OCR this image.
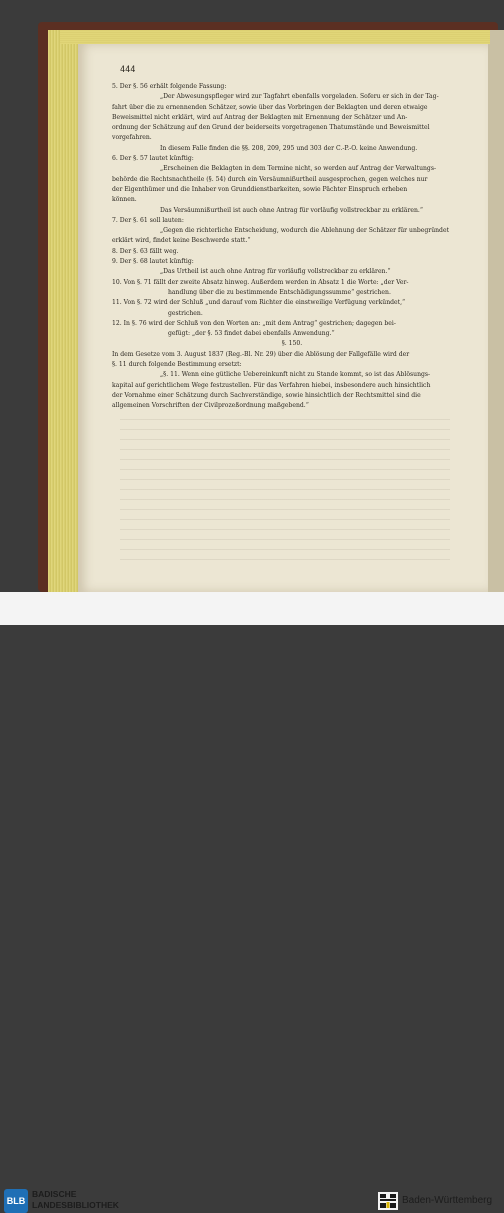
444

5. Der §. 56 erhält folgende Fassung:

„Der Abwesungspfleger wird zur Tagfahrt ebenfalls vorgeladen. Soferu er sich in der Tag-

fahrt über die zu ernennenden Schätzer, sowie über das Vorbringen der Beklagten und deren etwaige

Beweismittel nicht erklärt, wird auf Antrag der Beklagten mit Ernennung der Schätzer und An-

ordnung der Schätzung auf den Grund der beiderseits vorgetragenen Thatumstände und Beweismittel

vorgefahren.

In diesem Falle finden die §§. 208, 209, 295 und 303 der C.-P.-O. keine Anwendung.

6. Der §. 57 lautet künftig:

„Erscheinen die Beklagten in dem Termine nicht, so werden auf Antrag der Verwaltungs-

behörde die Rechtsnachtheile (§. 54) durch ein Versäumnißurtheil ausgesprochen, gegen welches nur

der Eigenthümer und die Inhaber von Grunddienstbarkeiten, sowie Pächter Einspruch erheben

können.

Das Versäumnißurtheil ist auch ohne Antrag für vorläufig vollstreckbar zu erklären.“

7. Der §. 61 soll lauten:

„Gegen die richterliche Entscheidung, wodurch die Ablehnung der Schätzer für unbegründet

erklärt wird, findet keine Beschwerde statt.“

8. Der §. 63 fällt weg.

9. Der §. 68 lautet künftig:

„Das Urtheil ist auch ohne Antrag für vorläufig vollstreckbar zu erklären.“

10. Von §. 71 fällt der zweite Absatz hinweg. Außerdem werden in Absatz 1 die Worte: „der Ver-

handlung über die zu bestimmende Entschädigungssumme“ gestrichen.

11. Von §. 72 wird der Schluß „und darauf vom Richter die einstweilige Verfügung verkündet,“

gestrichen.

12. In §. 76 wird der Schluß von den Worten an: „mit dem Antrag“ gestrichen; dagegen bei-

gefügt: „der §. 53 findet dabei ebenfalls Anwendung.“

§. 150.

In dem Gesetze vom 3. August 1837 (Reg.-Bl. Nr. 29) über die Ablösung der Fallgefälle wird der

§. 11 durch folgende Bestimmung ersetzt:

„§. 11. Wenn eine gütliche Uebereinkunft nicht zu Stande kommt, so ist das Ablösungs-

kapital auf gerichtlichem Wege festzustellen. Für das Verfahren hiebei, insbesondere auch hinsichtlich

der Vornahme einer Schätzung durch Sachverständige, sowie hinsichtlich der Rechtsmittel sind die

allgemeinen Vorschriften der Civilprozeßordnung maßgebend.“

BLB
BADISCHE
LANDESBIBLIOTHEK	Baden-Württemberg
